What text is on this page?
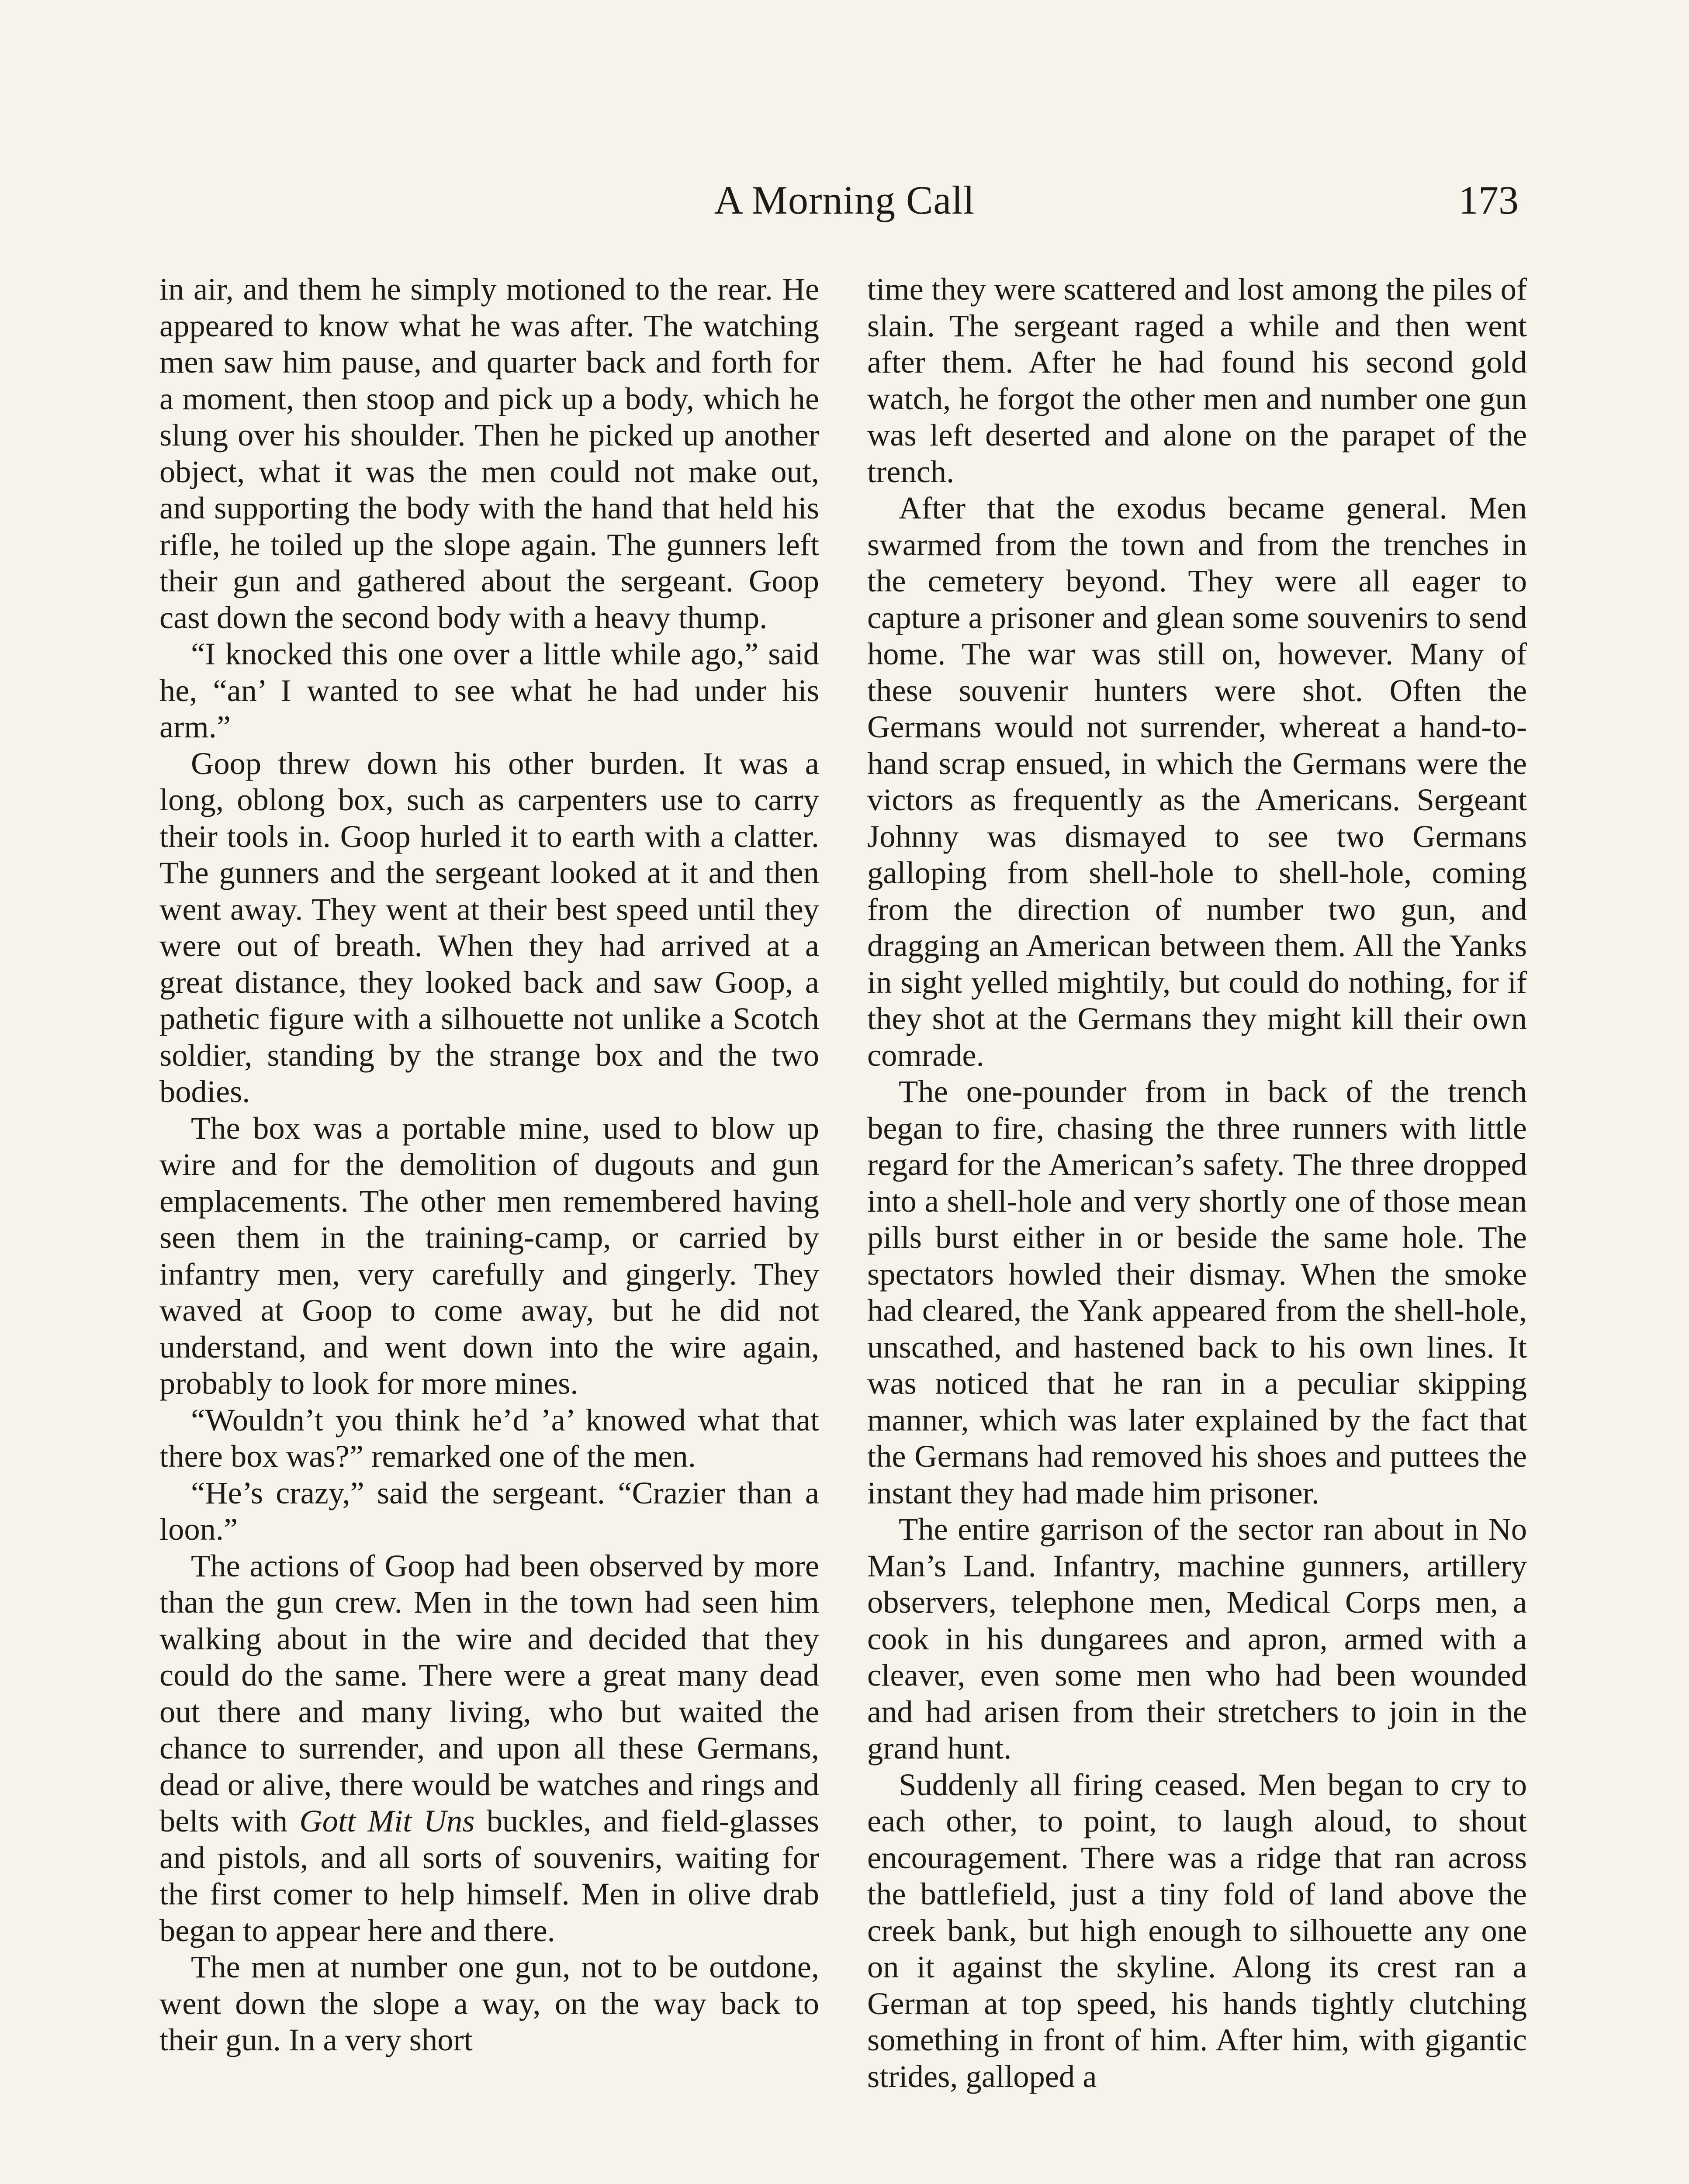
A Morning Call	173

in air, and them he simply motioned to the rear. He appeared to know what he was after. The watching men saw him pause, and quarter back and forth for a moment, then stoop and pick up a body, which he slung over his shoulder. Then he picked up another object, what it was the men could not make out, and supporting the body with the hand that held his rifle, he toiled up the slope again. The gunners left their gun and gathered about the sergeant. Goop cast down the second body with a heavy thump.

“I knocked this one over a little while ago,” said he, “an’ I wanted to see what he had under his arm.”

Goop threw down his other burden. It was a long, oblong box, such as carpenters use to carry their tools in. Goop hurled it to earth with a clatter. The gunners and the sergeant looked at it and then went away. They went at their best speed until they were out of breath. When they had arrived at a great distance, they looked back and saw Goop, a pathetic figure with a silhouette not unlike a Scotch soldier, standing by the strange box and the two bodies.

The box was a portable mine, used to blow up wire and for the demolition of dugouts and gun emplacements. The other men remembered having seen them in the training-camp, or carried by infantry men, very carefully and gingerly. They waved at Goop to come away, but he did not understand, and went down into the wire again, probably to look for more mines.

“Wouldn’t you think he’d ’a’ knowed what that there box was?” remarked one of the men.

“He’s crazy,” said the sergeant. “Crazier than a loon.”

The actions of Goop had been observed by more than the gun crew. Men in the town had seen him walking about in the wire and decided that they could do the same. There were a great many dead out there and many living, who but waited the chance to surrender, and upon all these Germans, dead or alive, there would be watches and rings and belts with Gott Mit Uns buckles, and field-glasses and pistols, and all sorts of souvenirs, waiting for the first comer to help himself. Men in olive drab began to appear here and there.

The men at number one gun, not to be outdone, went down the slope a way, on the way back to their gun. In a very short

time they were scattered and lost among the piles of slain. The sergeant raged a while and then went after them. After he had found his second gold watch, he forgot the other men and number one gun was left deserted and alone on the parapet of the trench.

After that the exodus became general. Men swarmed from the town and from the trenches in the cemetery beyond. They were all eager to capture a prisoner and glean some souvenirs to send home. The war was still on, however. Many of these souvenir hunters were shot. Often the Germans would not surrender, whereat a hand-to-hand scrap ensued, in which the Germans were the victors as frequently as the Americans. Sergeant Johnny was dismayed to see two Germans galloping from shell-hole to shell-hole, coming from the direction of number two gun, and dragging an American between them. All the Yanks in sight yelled mightily, but could do nothing, for if they shot at the Germans they might kill their own comrade.

The one-pounder from in back of the trench began to fire, chasing the three runners with little regard for the American’s safety. The three dropped into a shell-hole and very shortly one of those mean pills burst either in or beside the same hole. The spectators howled their dismay. When the smoke had cleared, the Yank appeared from the shell-hole, unscathed, and hastened back to his own lines. It was noticed that he ran in a peculiar skipping manner, which was later explained by the fact that the Germans had removed his shoes and puttees the instant they had made him prisoner.

The entire garrison of the sector ran about in No Man’s Land. Infantry, machine gunners, artillery observers, telephone men, Medical Corps men, a cook in his dungarees and apron, armed with a cleaver, even some men who had been wounded and had arisen from their stretchers to join in the grand hunt.

Suddenly all firing ceased. Men began to cry to each other, to point, to laugh aloud, to shout encouragement. There was a ridge that ran across the battlefield, just a tiny fold of land above the creek bank, but high enough to silhouette any one on it against the skyline. Along its crest ran a German at top speed, his hands tightly clutching something in front of him. After him, with gigantic strides, galloped a
